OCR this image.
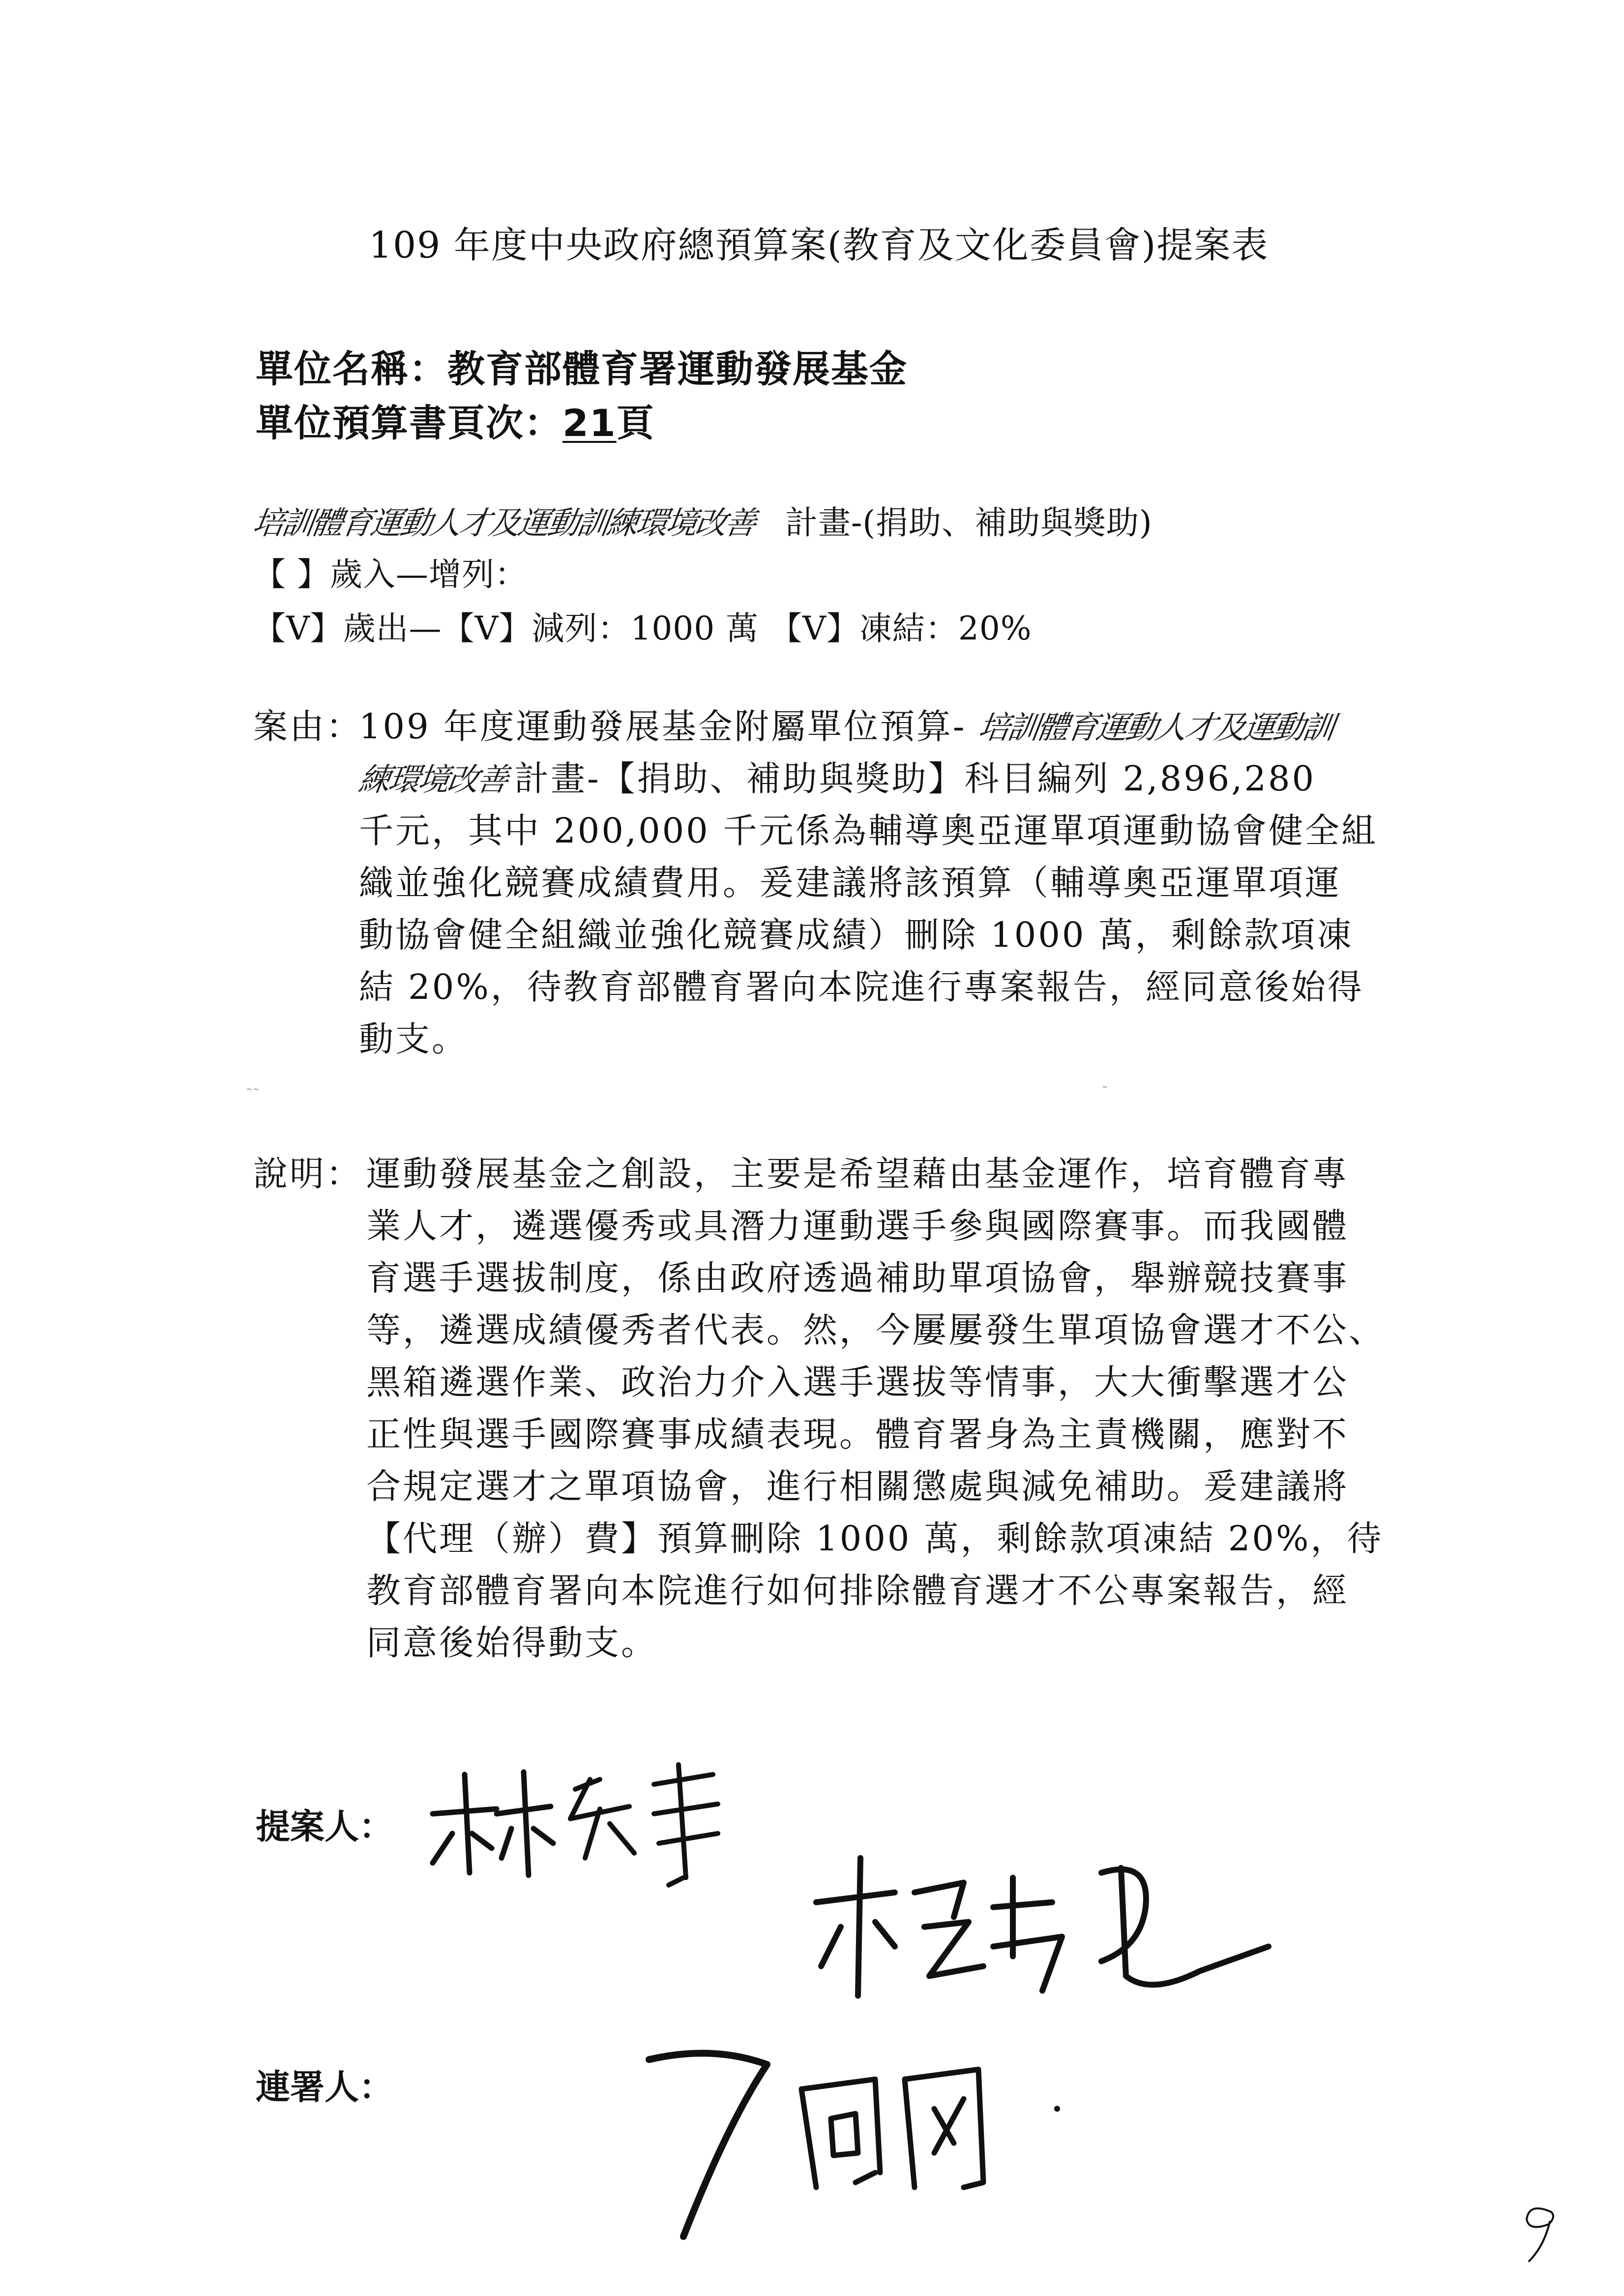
109 年度中央政府總預算案(教育及文化委員會)提案表
單位名稱：教育部體育署運動發展基金
單位預算書頁次：21頁
培訓體育運動人才及運動訓練環境改善 計畫-(捐助、補助與獎助)
【 】歲入—增列：
【V】歲出—【V】減列：1000 萬 【V】凍結：20%
案由：
109 年度運動發展基金附屬單位預算- 培訓體育運動人才及運動訓
練環境改善 計畫-【捐助、補助與獎助】科目編列 2,896,280
千元，其中 200,000 千元係為輔導奧亞運單項運動協會健全組
織並強化競賽成績費用。爰建議將該預算（輔導奧亞運單項運
動協會健全組織並強化競賽成績）刪除 1000 萬，剩餘款項凍
結 20%，待教育部體育署向本院進行專案報告，經同意後始得
動支。
˜˜	˜
說明： 運動發展基金之創設，主要是希望藉由基金運作，培育體育專
業人才，遴選優秀或具潛力運動選手參與國際賽事。而我國體
育選手選拔制度，係由政府透過補助單項協會，舉辦競技賽事
等，遴選成績優秀者代表。然，今屢屢發生單項協會選才不公、
黑箱遴選作業、政治力介入選手選拔等情事，大大衝擊選才公
正性與選手國際賽事成績表現。體育署身為主責機關，應對不
合規定選才之單項協會，進行相關懲處與減免補助。爰建議將
【代理（辦）費】預算刪除 1000 萬，剩餘款項凍結 20%，待
教育部體育署向本院進行如何排除體育選才不公專案報告，經
同意後始得動支。
提案人：
連署人：
